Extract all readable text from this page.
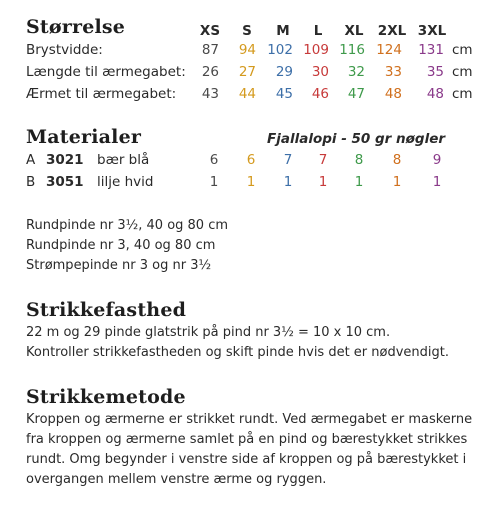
Størrelse	XS	S	M	L	XL	2XL 3XL
Brystvidde:	87	94 102 109 116 124 131 cm
Længde til ærmegabet:	26	27	29	30	32	33	35 cm
Ærmet til ærmegabet:	43	44	45	46	47	48	48 cm
Materialer	Fjallalopi - 50 gr nøgler
A 3021 bær blå	6	6	7	7	8	8	9
B 3051 lilje hvid	1	1	1	1	1	1	1
Rundpinde nr 3½, 40 og 80 cm
Rundpinde nr 3, 40 og 80 cm
Strømpepinde nr 3 og nr 3½
Strikkefasthed
22 m og 29 pinde glatstrik på pind nr 3½ = 10 x 10 cm.
Kontroller strikkefastheden og skift pinde hvis det er nødvendigt.
Strikkemetode
Kroppen og ærmerne er strikket rundt. Ved ærmegabet er maskerne
fra kroppen og ærmerne samlet på en pind og bærestykket strikkes
rundt. Omg begynder i venstre side af kroppen og på bærestykket i
overgangen mellem venstre ærme og ryggen.
